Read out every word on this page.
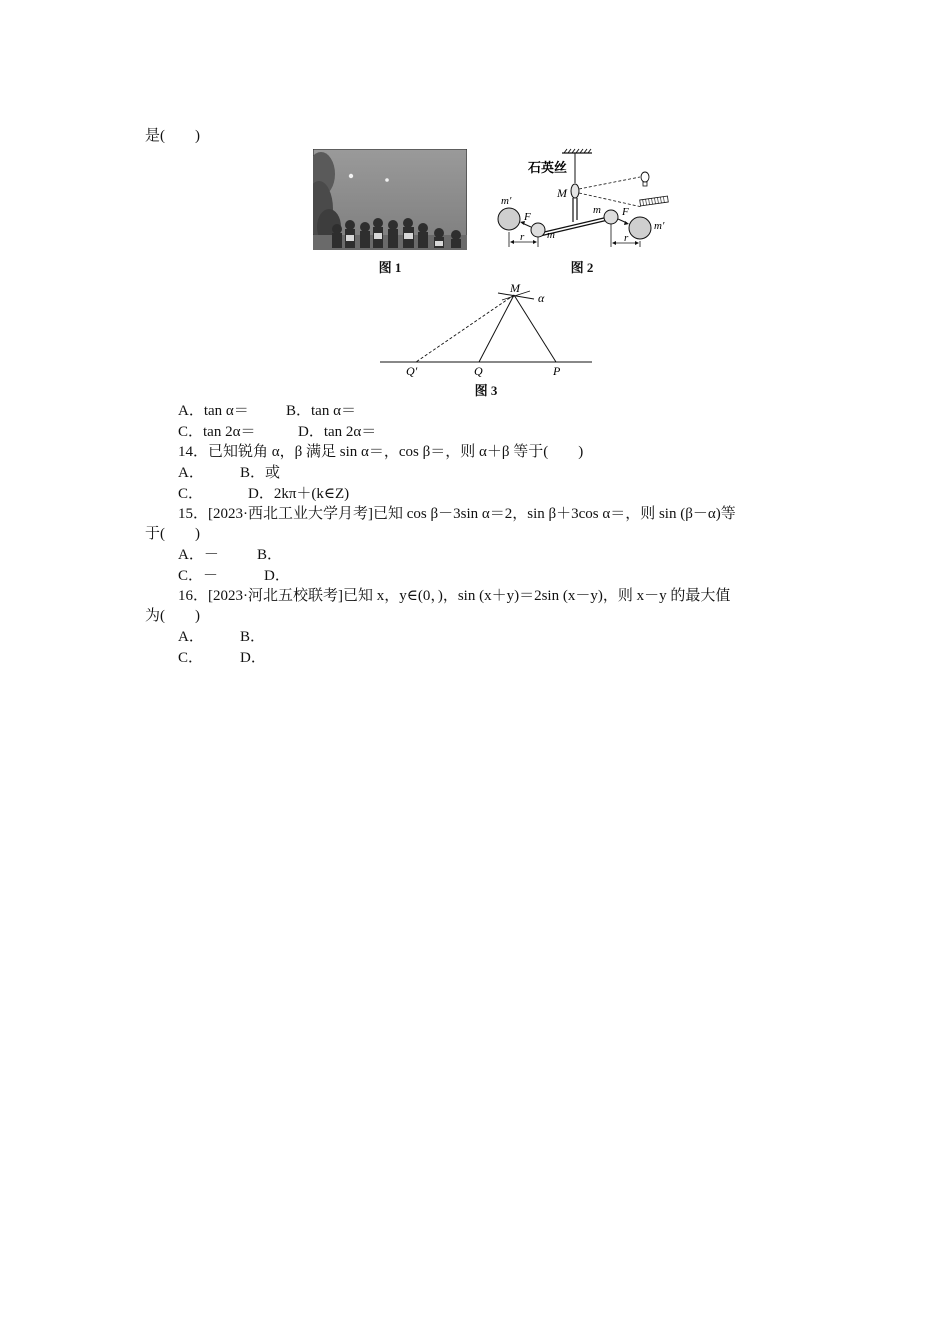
是(　　)
图 1
石英丝
M
m
m
m′
m′
F	F
r	r
图 2
M
α
Q′	Q	P
图 3
A．tan α＝ B．tan α＝
C．tan 2α＝	D．tan 2α＝
14．已知锐角 α，β 满足 sin α＝，cos β＝，则 α＋β 等于(　　)
A． B．或
C．	D．2kπ＋(k∈Z)
15．[2023·西北工业大学月考]已知 cos β－3sin α＝2，sin β＋3cos α＝，则 sin (β－α)等
于(　　)
A．－	B．
C．－	D．
16．[2023·河北五校联考]已知 x，y∈(0，)，sin (x＋y)＝2sin (x－y)，则 x－y 的最大值
为(　　)
A． B．
C． D．
